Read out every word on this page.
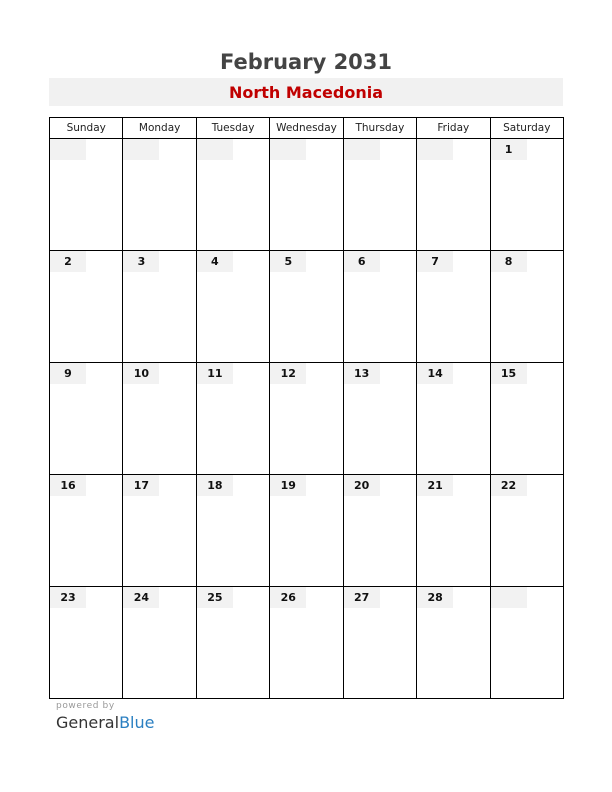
February 2031
North Macedonia
Sunday	Monday	Tuesday	Wednesday	Thursday	Friday	Saturday

						1

2	3	4	5	6	7	8

9	10	11	12	13	14	15

16	17	18	19	20	21	22

23	24	25	26	27	28	

powered by
GeneralBlue
